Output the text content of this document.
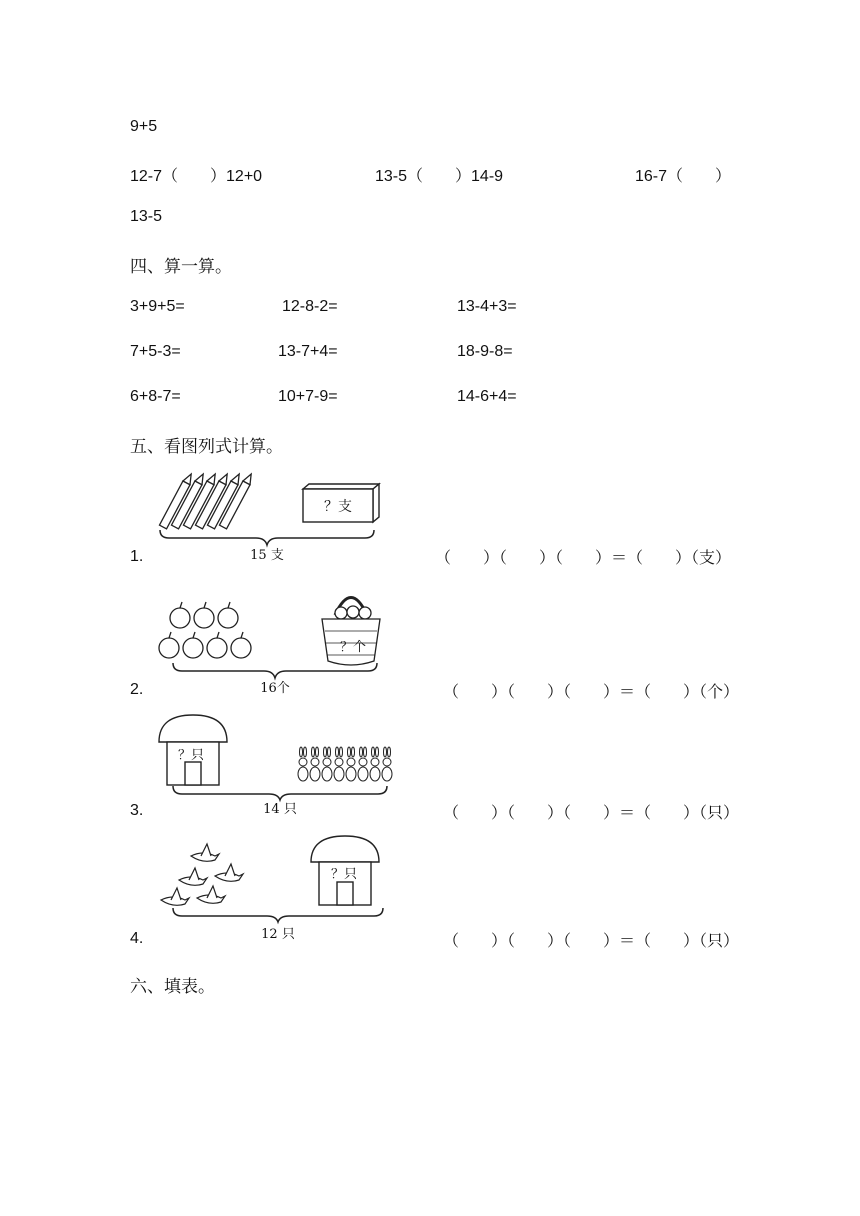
9+5
12-7（　　）12+0	13-5（　　）14-9	16-7（　　）
13-5
四、算一算。
3+9+5=	12-8-2=	13-4+3=
7+5-3=	13-7+4=	18-9-8=
6+8-7=	10+7-9=	14-6+4=
五、看图列式计算。
？支
15 支
1.	（　　）（　　）（　　）＝（　　）（支）
？个
16个
2.	（　　）（　　）（　　）＝（　　）（个）
？只
14 只
3.	（　　）（　　）（　　）＝（　　）（只）
？只
12 只
4.	（　　）（　　）（　　）＝（　　）（只）
六、填表。
